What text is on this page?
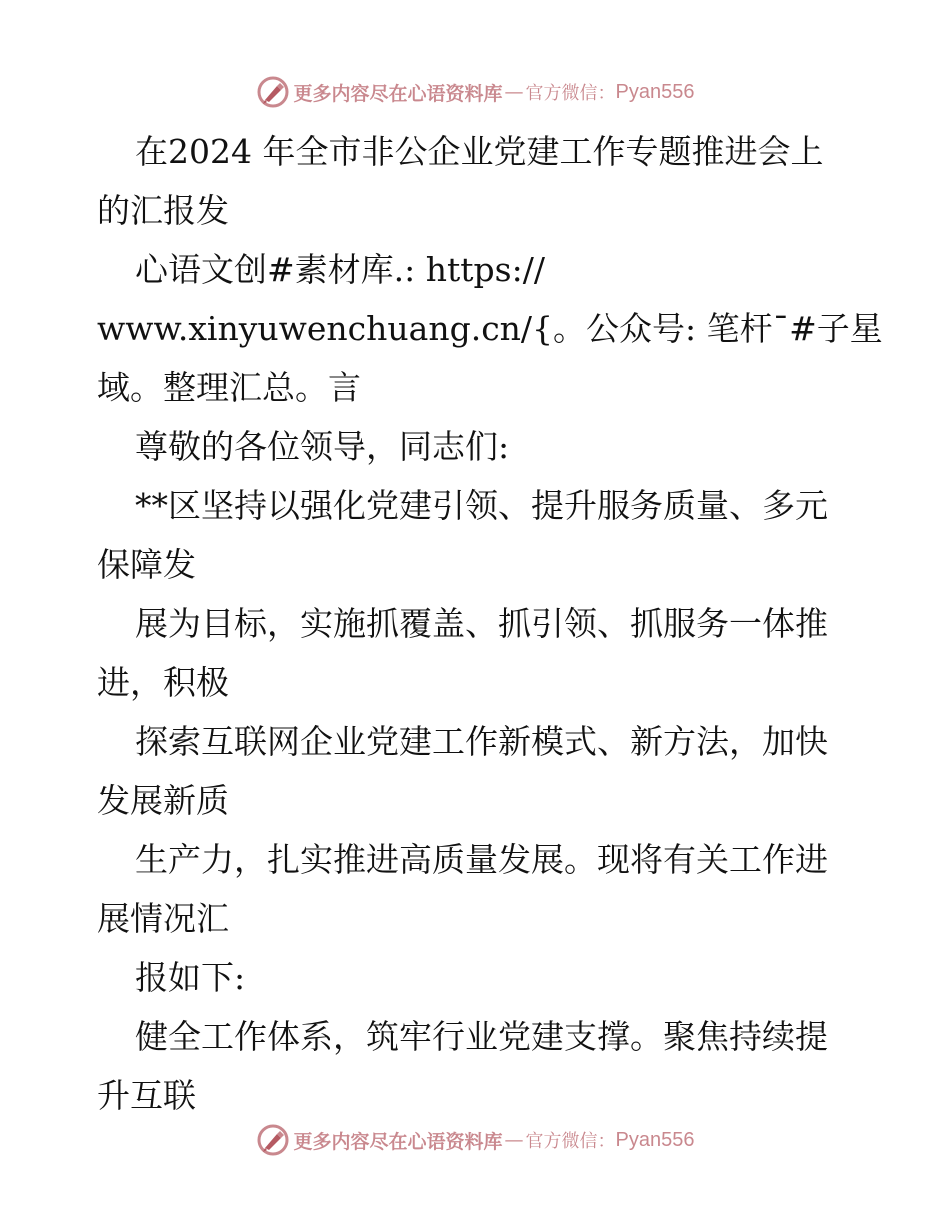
更多内容尽在心语资料库 — 官方微信： Pyan556
在2024 年全市非公企业党建工作专题推进会上
的汇报发
心语文创#素材库.: https://
www.xinyuwenchuang.cn/{。公众号: 笔杆¯#子星
域。整理汇总。言
尊敬的各位领导，同志们:
**区坚持以强化党建引领、提升服务质量、多元
保障发
展为目标，实施抓覆盖、抓引领、抓服务一体推
进，积极
探索互联网企业党建工作新模式、新方法，加快
发展新质
生产力，扎实推进高质量发展。现将有关工作进
展情况汇
报如下:
健全工作体系，筑牢行业党建支撑。聚焦持续提
升互联
更多内容尽在心语资料库 — 官方微信： Pyan556
